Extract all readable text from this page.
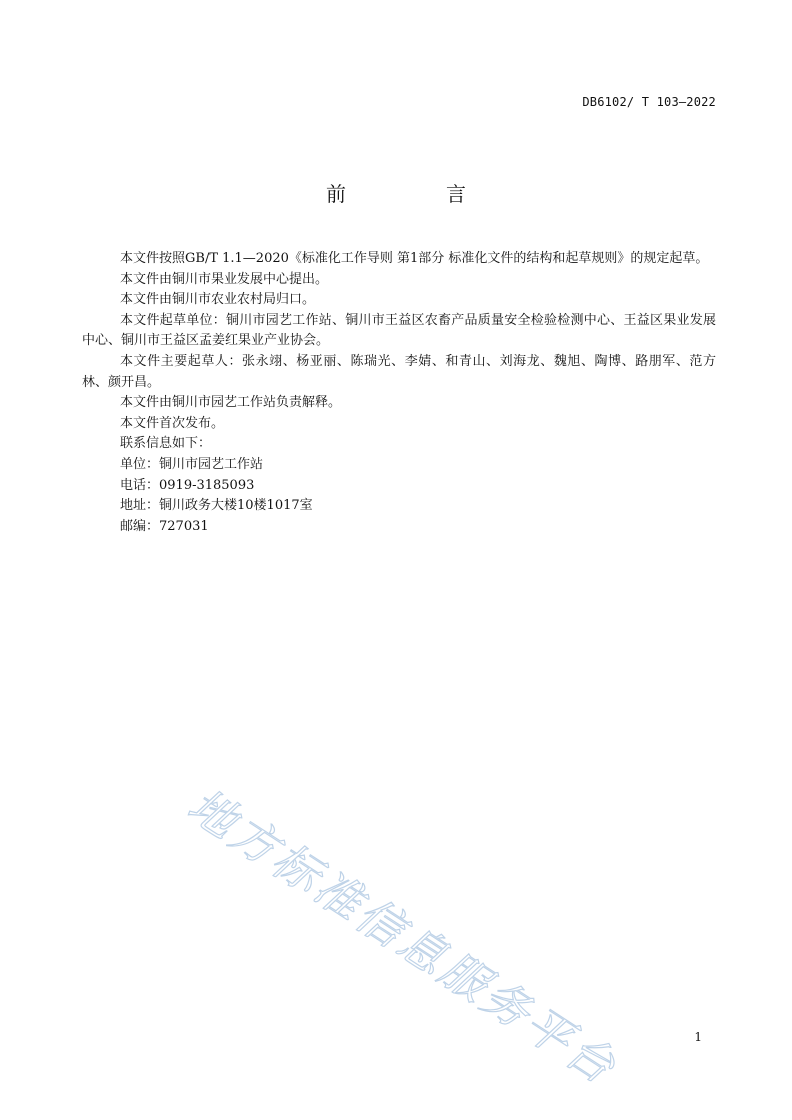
DB6102/ T 103—2022
前　言

本文件按照GB/T 1.1—2020《标准化工作导则 第1部分 标准化文件的结构和起草规则》的规定起草。

本文件由铜川市果业发展中心提出。

本文件由铜川市农业农村局归口。

本文件起草单位：铜川市园艺工作站、铜川市王益区农畜产品质量安全检验检测中心、王益区果业发展中心、铜川市王益区孟姜红果业产业协会。

本文件主要起草人：张永翊、杨亚丽、陈瑞光、李婧、和青山、刘海龙、魏旭、陶博、路朋军、范方林、颜开昌。

本文件由铜川市园艺工作站负责解释。

本文件首次发布。

联系信息如下：

单位：铜川市园艺工作站

电话：0919-3185093

地址：铜川政务大楼10楼1017室

邮编：727031

地方标准信息服务平台	1
